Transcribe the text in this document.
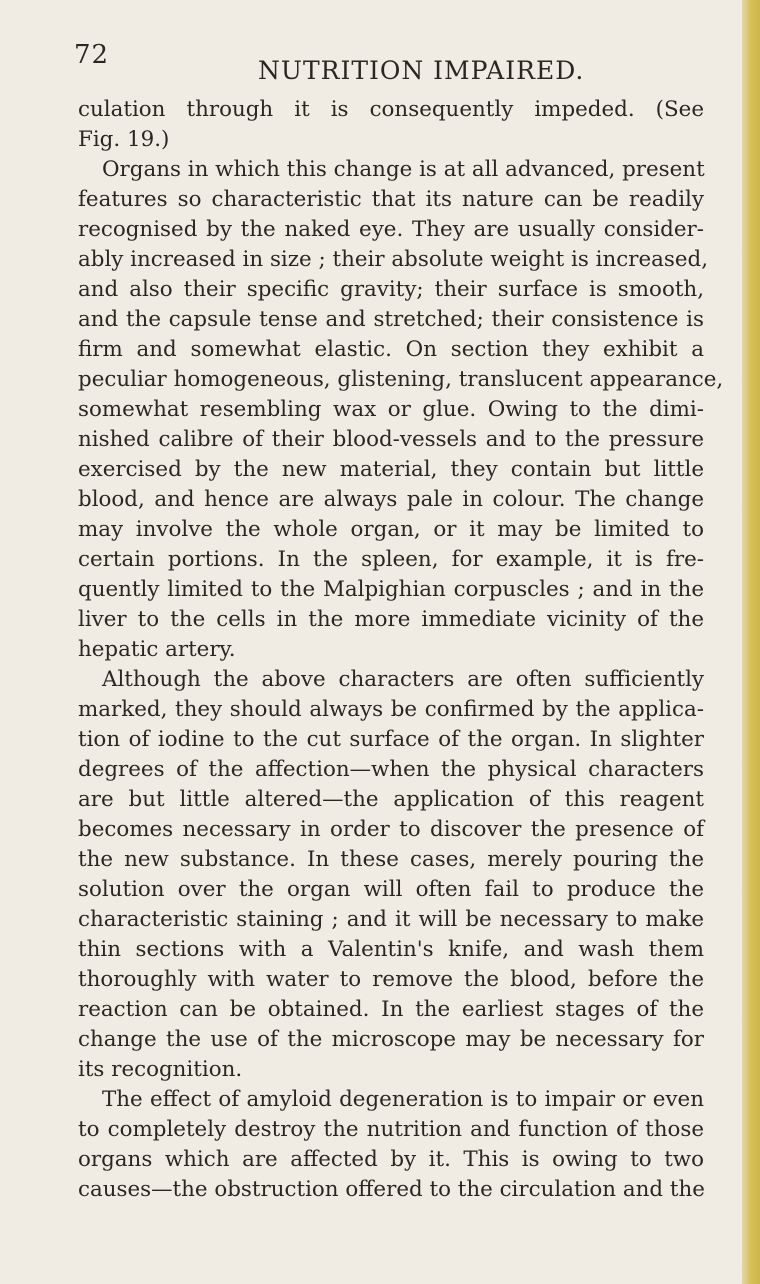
72
NUTRITION IMPAIRED.
culation through it is consequently impeded. (See
Fig. 19.)
Organs in which this change is at all advanced, present
features so characteristic that its nature can be readily
recognised by the naked eye. They are usually consider-
ably increased in size ; their absolute weight is increased,
and also their specific gravity; their surface is smooth,
and the capsule tense and stretched; their consistence is
firm and somewhat elastic. On section they exhibit a
peculiar homogeneous, glistening, translucent appearance,
somewhat resembling wax or glue. Owing to the dimi-
nished calibre of their blood-vessels and to the pressure
exercised by the new material, they contain but little
blood, and hence are always pale in colour. The change
may involve the whole organ, or it may be limited to
certain portions. In the spleen, for example, it is fre-
quently limited to the Malpighian corpuscles ; and in the
liver to the cells in the more immediate vicinity of the
hepatic artery.
Although the above characters are often sufficiently
marked, they should always be confirmed by the applica-
tion of iodine to the cut surface of the organ. In slighter
degrees of the affection—when the physical characters
are but little altered—the application of this reagent
becomes necessary in order to discover the presence of
the new substance. In these cases, merely pouring the
solution over the organ will often fail to produce the
characteristic staining ; and it will be necessary to make
thin sections with a Valentin's knife, and wash them
thoroughly with water to remove the blood, before the
reaction can be obtained. In the earliest stages of the
change the use of the microscope may be necessary for
its recognition.
The effect of amyloid degeneration is to impair or even
to completely destroy the nutrition and function of those
organs which are affected by it. This is owing to two
causes—the obstruction offered to the circulation and the
